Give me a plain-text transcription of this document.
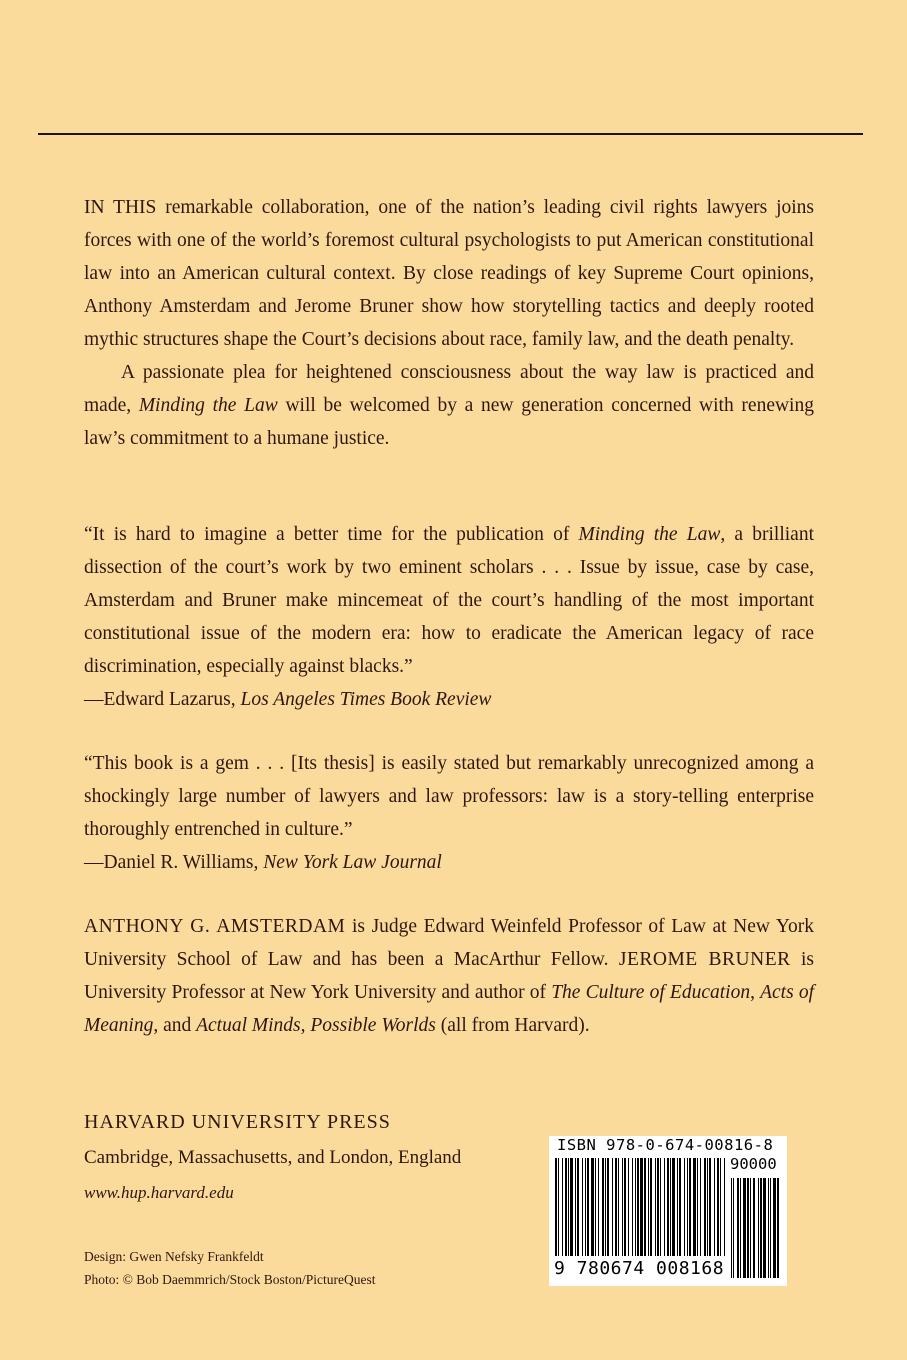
IN THIS remarkable collaboration, one of the nation’s leading civil rights lawyers joins forces with one of the world’s foremost cultural psychologists to put American constitutional law into an American cultural context. By close readings of key Supreme Court opinions, Anthony Amsterdam and Jerome Bruner show how storytelling tactics and deeply rooted mythic structures shape the Court’s decisions about race, family law, and the death penalty.

A passionate plea for heightened consciousness about the way law is practiced and made, Minding the Law will be welcomed by a new generation concerned with renewing law’s commitment to a humane justice.

“It is hard to imagine a better time for the publication of Minding the Law, a brilliant dissection of the court’s work by two eminent scholars . . . Issue by issue, case by case, Amsterdam and Bruner make mincemeat of the court’s handling of the most important constitutional issue of the modern era: how to eradicate the American legacy of race discrimination, especially against blacks.”

—Edward Lazarus, Los Angeles Times Book Review

“This book is a gem . . . [Its thesis] is easily stated but remarkably unrecognized among a shockingly large number of lawyers and law professors: law is a story-telling enterprise thoroughly entrenched in culture.”

—Daniel R. Williams, New York Law Journal

ANTHONY G. AMSTERDAM is Judge Edward Weinfeld Professor of Law at New York University School of Law and has been a MacArthur Fellow. JEROME BRUNER is University Professor at New York University and author of The Culture of Education, Acts of Meaning, and Actual Minds, Possible Worlds (all from Harvard).

HARVARD UNIVERSITY PRESS

Cambridge, Massachusetts, and London, England

www.hup.harvard.edu

Design: Gwen Nefsky Frankfeldt

Photo: © Bob Daemmrich/Stock Boston/PictureQuest

ISBN 978-0-674-00816-8
90000
9 780674 008168
